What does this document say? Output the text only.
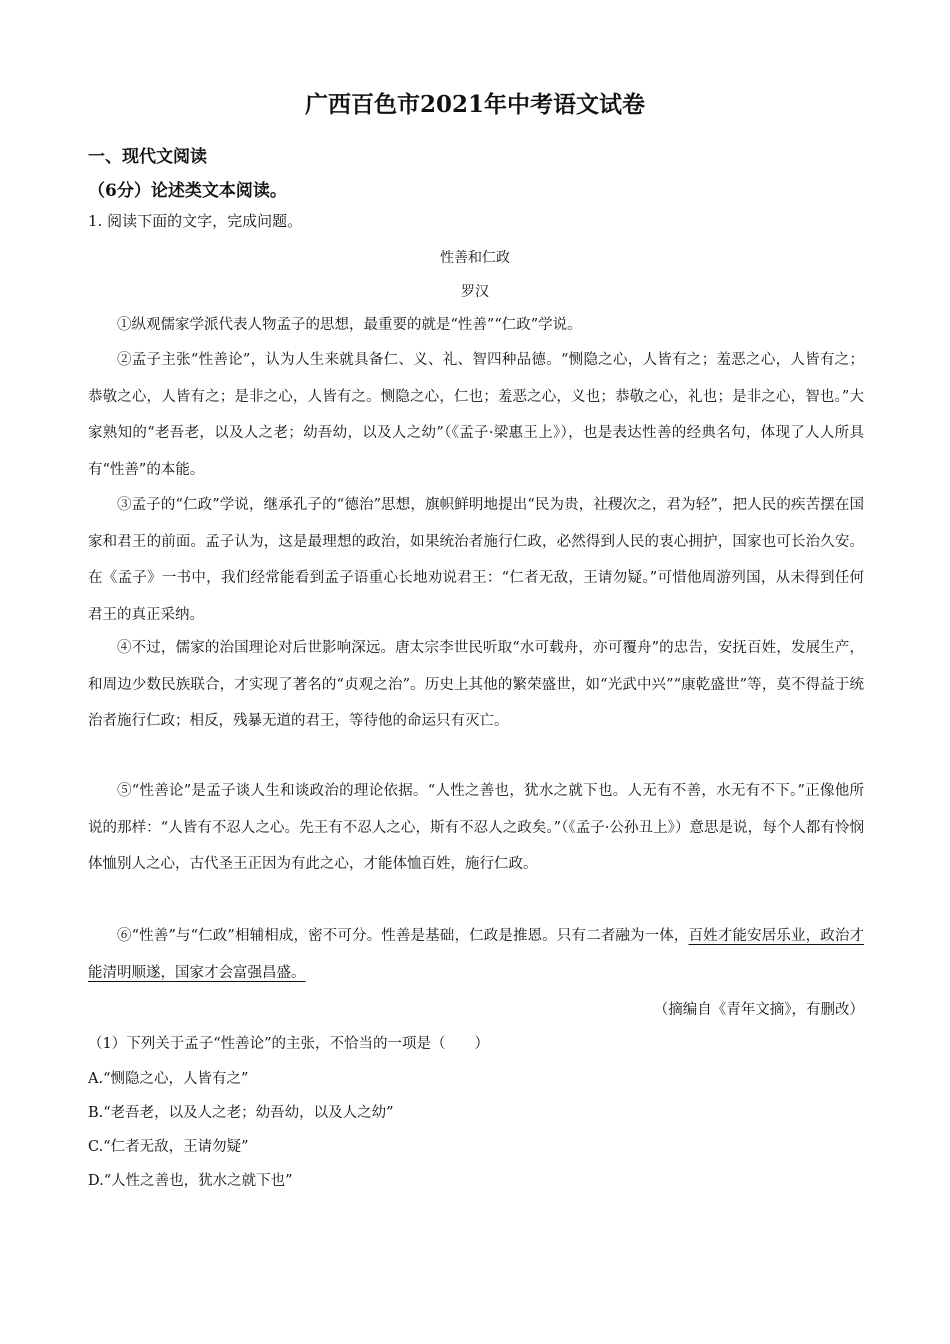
广西百色市2021年中考语文试卷
一、现代文阅读
（6分）论述类文本阅读。
1. 阅读下面的文字，完成问题。
性善和仁政
罗汉
①纵观儒家学派代表人物孟子的思想，最重要的就是“性善”“仁政”学说。
②孟子主张“性善论”，认为人生来就具备仁、义、礼、智四种品德。“恻隐之心，人皆有之；羞恶之心，人皆有之；恭敬之心，人皆有之；是非之心，人皆有之。恻隐之心，仁也；羞恶之心，义也；恭敬之心，礼也；是非之心，智也。”大家熟知的“老吾老，以及人之老；幼吾幼，以及人之幼”（《孟子·梁惠王上》），也是表达性善的经典名句，体现了人人所具有“性善”的本能。
③孟子的“仁政”学说，继承孔子的“德治”思想，旗帜鲜明地提出“民为贵，社稷次之，君为轻”，把人民的疾苦摆在国家和君王的前面。孟子认为，这是最理想的政治，如果统治者施行仁政，必然得到人民的衷心拥护，国家也可长治久安。在《孟子》一书中，我们经常能看到孟子语重心长地劝说君王：“仁者无敌，王请勿疑。”可惜他周游列国，从未得到任何君王的真正采纳。
④不过，儒家的治国理论对后世影响深远。唐太宗李世民听取“水可载舟，亦可覆舟”的忠告，安抚百姓，发展生产，和周边少数民族联合，才实现了著名的“贞观之治”。历史上其他的繁荣盛世，如“光武中兴”“康乾盛世”等，莫不得益于统治者施行仁政；相反，残暴无道的君王，等待他的命运只有灭亡。
⑤“性善论”是孟子谈人生和谈政治的理论依据。“人性之善也，犹水之就下也。人无有不善，水无有不下。”正像他所说的那样：“人皆有不忍人之心。先王有不忍人之心，斯有不忍人之政矣。”（《孟子·公孙丑上》）意思是说，每个人都有怜悯体恤别人之心，古代圣王正因为有此之心，才能体恤百姓，施行仁政。
⑥“性善”与“仁政”相辅相成，密不可分。性善是基础，仁政是推恩。只有二者融为一体，百姓才能安居乐业，政治才能清明顺遂，国家才会富强昌盛。
（摘编自《青年文摘》，有删改）
（1）下列关于孟子“性善论”的主张，不恰当的一项是（　　）
A.“恻隐之心，人皆有之”
B.“老吾老，以及人之老；幼吾幼，以及人之幼”
C.“仁者无敌，王请勿疑”
D.“人性之善也，犹水之就下也”
